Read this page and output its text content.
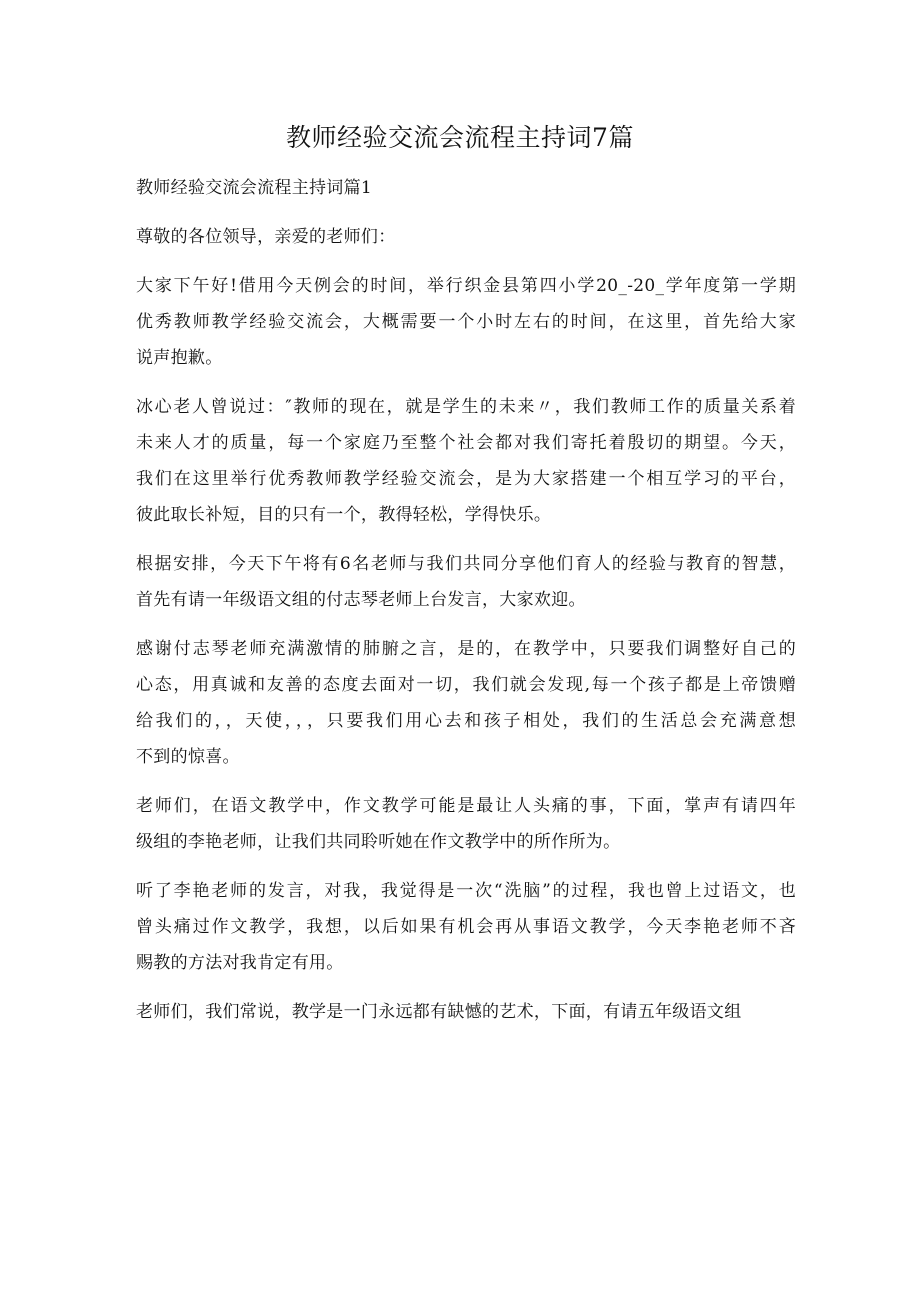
教师经验交流会流程主持词7篇
教师经验交流会流程主持词篇1
尊敬的各位领导，亲爱的老师们：
大家下午好!借用今天例会的时间，举行织金县第四小学20_-20_学年度第一学期
优秀教师教学经验交流会，大概需要一个小时左右的时间，在这里，首先给大家
说声抱歉。
冰心老人曾说过：″教师的现在，就是学生的未来〃，我们教师工作的质量关系着
未来人才的质量，每一个家庭乃至整个社会都对我们寄托着殷切的期望。今天，
我们在这里举行优秀教师教学经验交流会，是为大家搭建一个相互学习的平台，
彼此取长补短，目的只有一个，教得轻松，学得快乐。
根据安排，今天下午将有6名老师与我们共同分享他们育人的经验与教育的智慧，
首先有请一年级语文组的付志琴老师上台发言，大家欢迎。
感谢付志琴老师充满激情的肺腑之言，是的，在教学中，只要我们调整好自己的
心态，用真诚和友善的态度去面对一切，我们就会发现,每一个孩子都是上帝馈赠
给我们的，，天使，，，只要我们用心去和孩子相处，我们的生活总会充满意想
不到的惊喜。
老师们，在语文教学中，作文教学可能是最让人头痛的事，下面，掌声有请四年
级组的李艳老师，让我们共同聆听她在作文教学中的所作所为。
听了李艳老师的发言，对我，我觉得是一次“洗脑”的过程，我也曾上过语文，也
曾头痛过作文教学，我想，以后如果有机会再从事语文教学，今天李艳老师不吝
赐教的方法对我肯定有用。
老师们，我们常说，教学是一门永远都有缺憾的艺术，下面，有请五年级语文组
